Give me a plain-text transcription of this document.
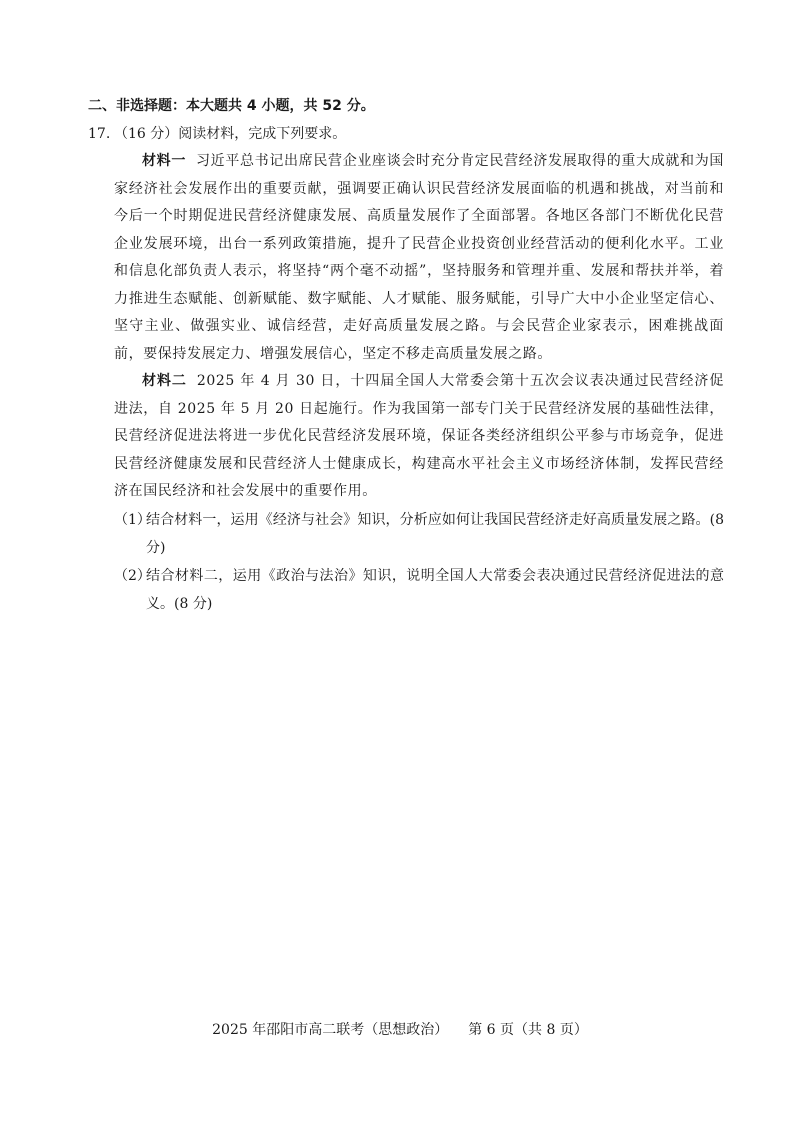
二、非选择题：本大题共 4 小题，共 52 分。

17. （16 分）阅读材料，完成下列要求。

材料一 习近平总书记出席民营企业座谈会时充分肯定民营经济发展取得的重大成就和为国家经济社会发展作出的重要贡献，强调要正确认识民营经济发展面临的机遇和挑战，对当前和今后一个时期促进民营经济健康发展、高质量发展作了全面部署。各地区各部门不断优化民营企业发展环境，出台一系列政策措施，提升了民营企业投资创业经营活动的便利化水平。工业和信息化部负责人表示，将坚持“两个毫不动摇”，坚持服务和管理并重、发展和帮扶并举，着力推进生态赋能、创新赋能、数字赋能、人才赋能、服务赋能，引导广大中小企业坚定信心、坚守主业、做强实业、诚信经营，走好高质量发展之路。与会民营企业家表示，困难挑战面前，要保持发展定力、增强发展信心，坚定不移走高质量发展之路。

材料二 2025 年 4 月 30 日，十四届全国人大常委会第十五次会议表决通过民营经济促进法，自 2025 年 5 月 20 日起施行。作为我国第一部专门关于民营经济发展的基础性法律，民营经济促进法将进一步优化民营经济发展环境，保证各类经济组织公平参与市场竞争，促进民营经济健康发展和民营经济人士健康成长，构建高水平社会主义市场经济体制，发挥民营经济在国民经济和社会发展中的重要作用。

（1）
结合材料一，运用《经济与社会》知识，分析应如何让我国民营经济走好高质量发展之路。(8 分)

（2）
结合材料二，运用《政治与法治》知识，说明全国人大常委会表决通过民营经济促进法的意义。(8 分)

2025 年邵阳市高二联考（思想政治） 第 6 页（共 8 页）
